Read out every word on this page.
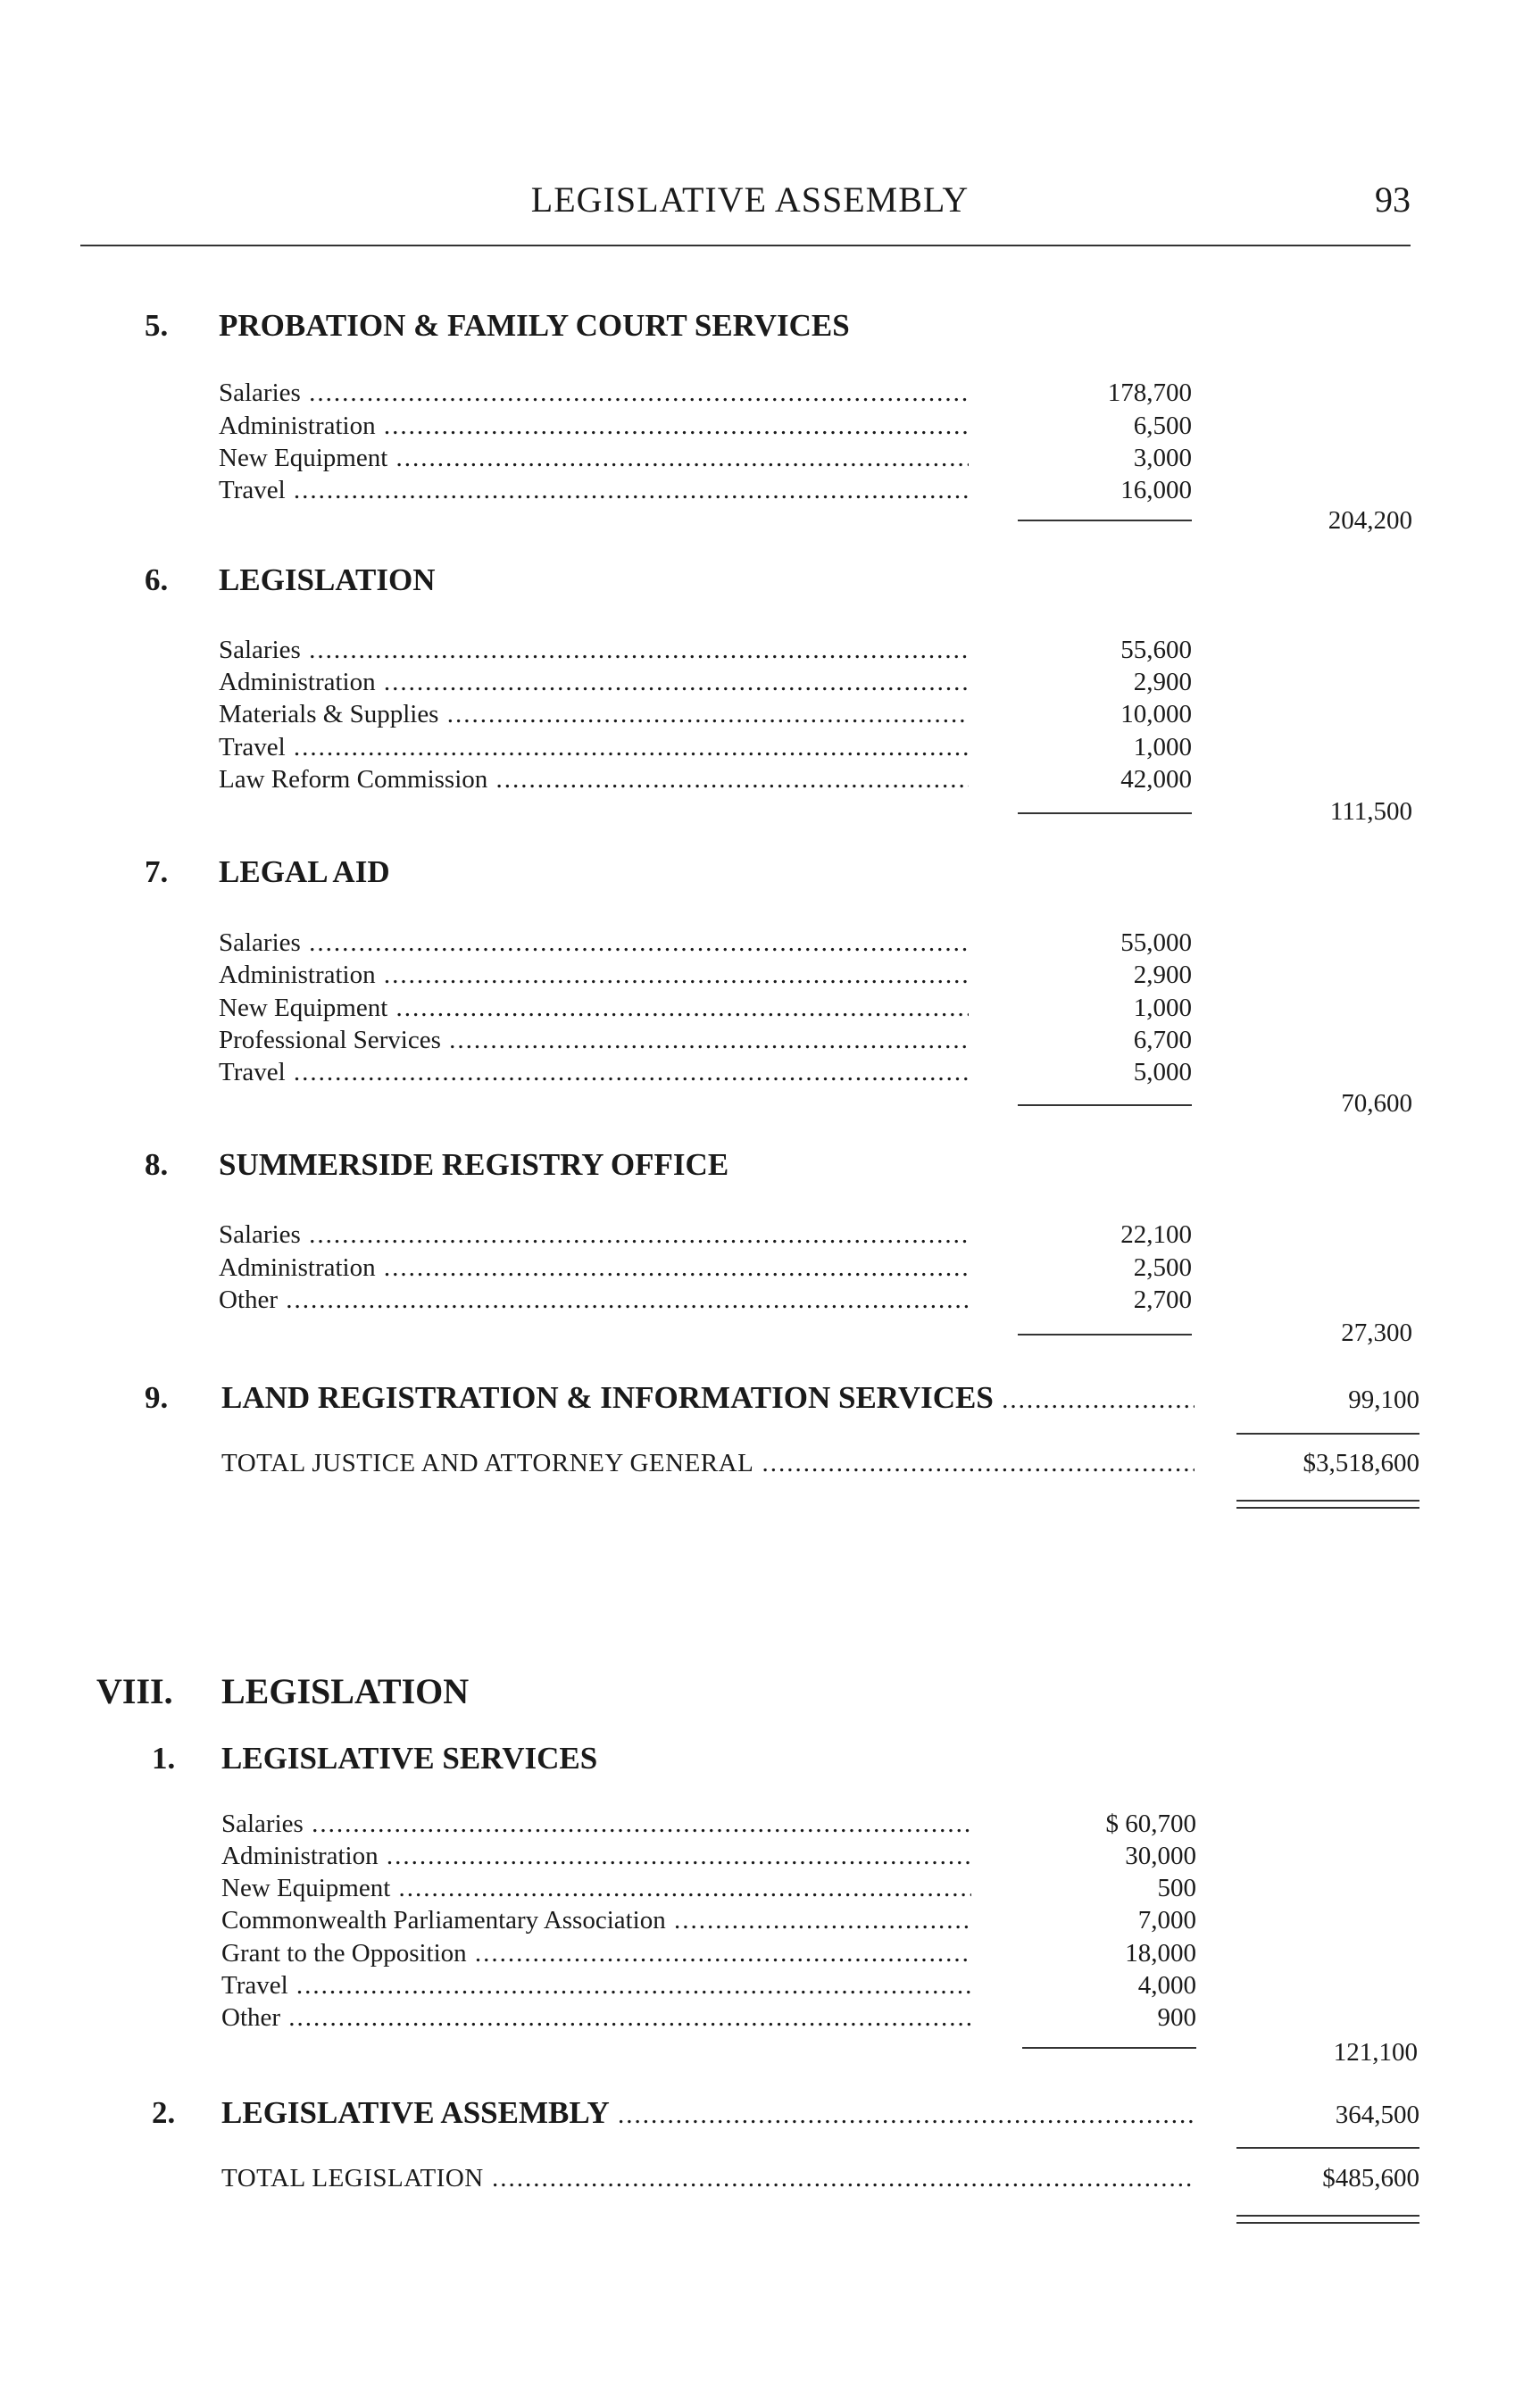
LEGISLATIVE ASSEMBLY	93
5. PROBATION & FAMILY COURT SERVICES
Salaries .....	178,700
Administration .....	6,500
New Equipment .....	3,000
Travel .....	16,000
204,200
6. LEGISLATION
Salaries .....	55,600
Administration .....	2,900
Materials & Supplies .....	10,000
Travel .....	1,000
Law Reform Commission .....	42,000
111,500
7. LEGAL AID
Salaries .....	55,000
Administration .....	2,900
New Equipment .....	1,000
Professional Services .....	6,700
Travel .....	5,000
70,600
8. SUMMERSIDE REGISTRY OFFICE
Salaries .....	22,100
Administration .....	2,500
Other .....	2,700
27,300
9. LAND REGISTRATION & INFORMATION SERVICES .....	99,100
TOTAL JUSTICE AND ATTORNEY GENERAL .....	$3,518,600
VIII. LEGISLATION
1. LEGISLATIVE SERVICES
Salaries .....	$ 60,700
Administration .....	30,000
New Equipment .....	500
Commonwealth Parliamentary Association .....	7,000
Grant to the Opposition .....	18,000
Travel .....	4,000
Other .....	900
121,100
2. LEGISLATIVE ASSEMBLY .....	364,500
TOTAL LEGISLATION .....	$485,600
